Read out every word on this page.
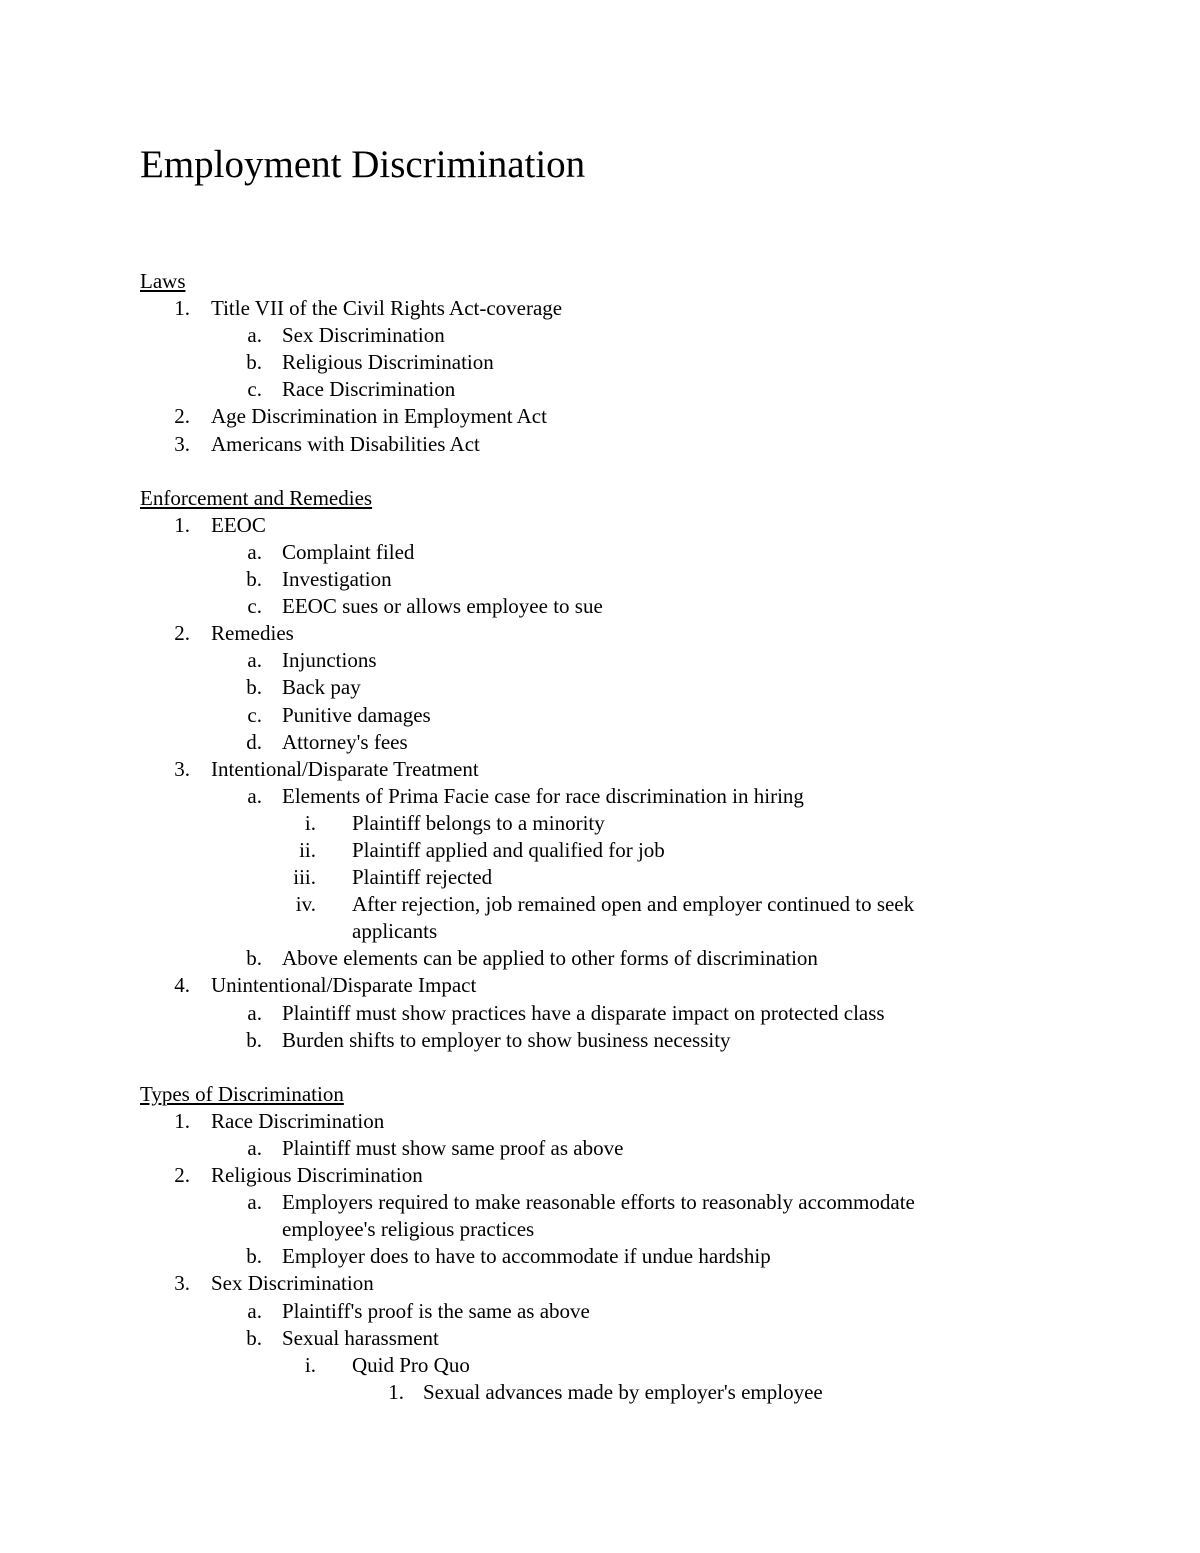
Employment Discrimination
Laws
1. Title VII of the Civil Rights Act-coverage
a. Sex Discrimination
b. Religious Discrimination
c. Race Discrimination
2. Age Discrimination in Employment Act
3. Americans with Disabilities Act
Enforcement and Remedies
1. EEOC
a. Complaint filed
b. Investigation
c. EEOC sues or allows employee to sue
2. Remedies
a. Injunctions
b. Back pay
c. Punitive damages
d. Attorney's fees
3. Intentional/Disparate Treatment
a. Elements of Prima Facie case for race discrimination in hiring
i. Plaintiff belongs to a minority
ii. Plaintiff applied and qualified for job
iii. Plaintiff rejected
iv. After rejection, job remained open and employer continued to seek
applicants
b. Above elements can be applied to other forms of discrimination
4. Unintentional/Disparate Impact
a. Plaintiff must show practices have a disparate impact on protected class
b. Burden shifts to employer to show business necessity
Types of Discrimination
1. Race Discrimination
a. Plaintiff must show same proof as above
2. Religious Discrimination
a. Employers required to make reasonable efforts to reasonably accommodate
employee's religious practices
b. Employer does to have to accommodate if undue hardship
3. Sex Discrimination
a. Plaintiff's proof is the same as above
b. Sexual harassment
i. Quid Pro Quo
1. Sexual advances made by employer's employee
